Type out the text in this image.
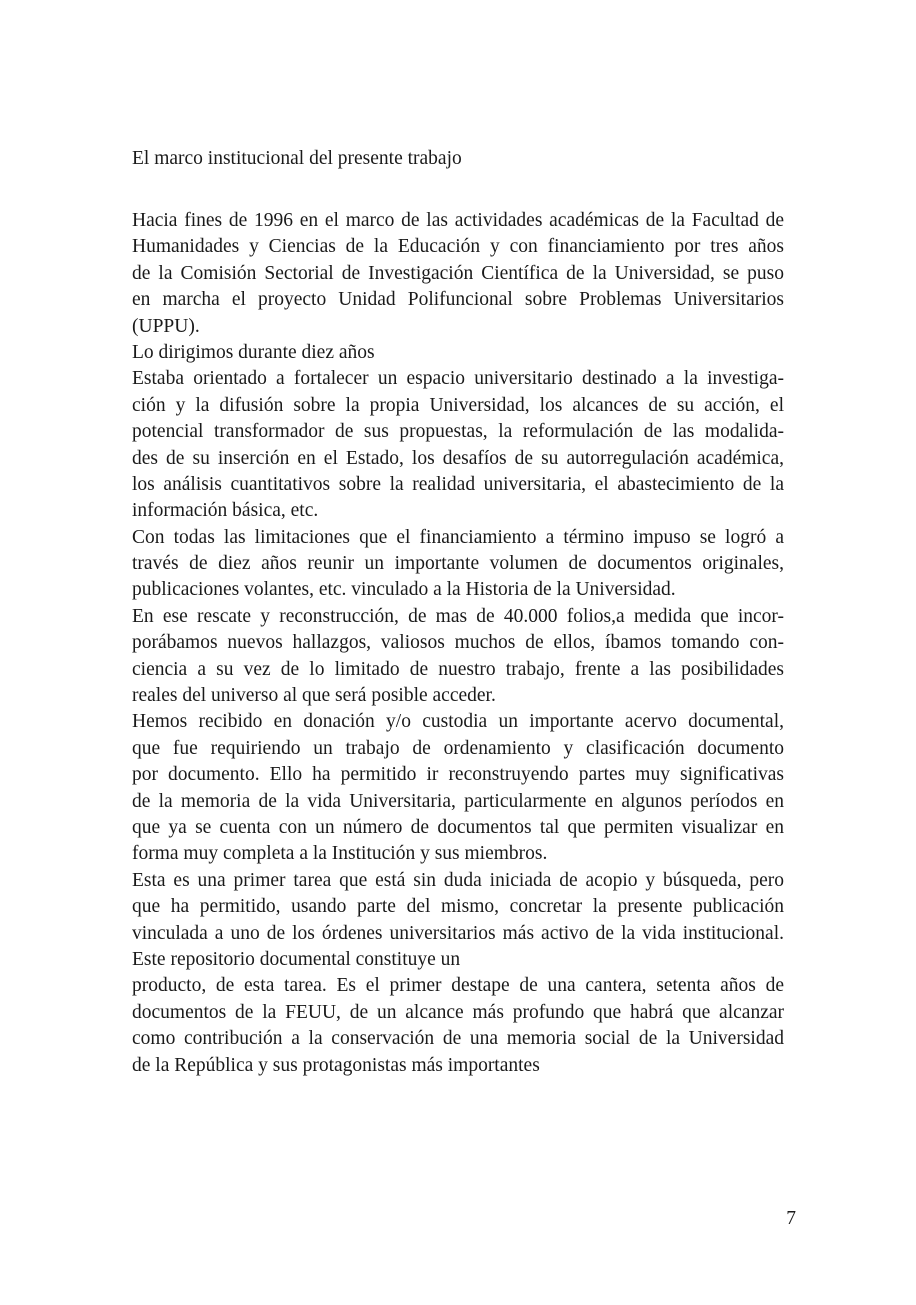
El marco institucional del presente trabajo
Hacia fines de 1996 en el marco de las actividades académicas de la Facultad de
Humanidades y Ciencias de la Educación y con financiamiento por tres años
de la Comisión Sectorial de Investigación Científica de la Universidad, se puso
en marcha el proyecto Unidad Polifuncional sobre Problemas Universitarios
(UPPU).
Lo dirigimos durante diez años
Estaba orientado a fortalecer un espacio universitario destinado a la investiga-
ción y la difusión sobre la propia Universidad, los alcances de su acción, el
potencial transformador de sus propuestas, la reformulación de las modalida-
des de su inserción en el Estado, los desafíos de su autorregulación académica,
los análisis cuantitativos sobre la realidad universitaria, el abastecimiento de la
información básica, etc.
Con todas las limitaciones que el financiamiento a término impuso se logró a
través de diez años reunir un importante volumen de documentos originales,
publicaciones volantes, etc. vinculado a la Historia de la Universidad.
En ese rescate y reconstrucción, de mas de 40.000 folios,a medida que incor-
porábamos nuevos hallazgos, valiosos muchos de ellos, íbamos tomando con-
ciencia a su vez de lo limitado de nuestro trabajo, frente a las posibilidades
reales del universo al que será posible acceder.
Hemos recibido en donación y/o custodia un importante acervo documental,
que fue requiriendo un trabajo de ordenamiento y clasificación documento
por documento. Ello ha permitido ir reconstruyendo partes muy significativas
de la memoria de la vida Universitaria, particularmente en algunos períodos en
que ya se cuenta con un número de documentos tal que permiten visualizar en
forma muy completa a la Institución y sus miembros.
Esta es una primer tarea que está sin duda iniciada de acopio y búsqueda, pero
que ha permitido, usando parte del mismo, concretar la presente publicación
vinculada a uno de los órdenes universitarios más activo de la vida institucional.
Este repositorio documental constituye un
producto, de esta tarea. Es el primer destape de una cantera, setenta años de
documentos de la FEUU, de un alcance más profundo que habrá que alcanzar
como contribución a la conservación de una memoria social de la Universidad
de la República y sus protagonistas más importantes
7
